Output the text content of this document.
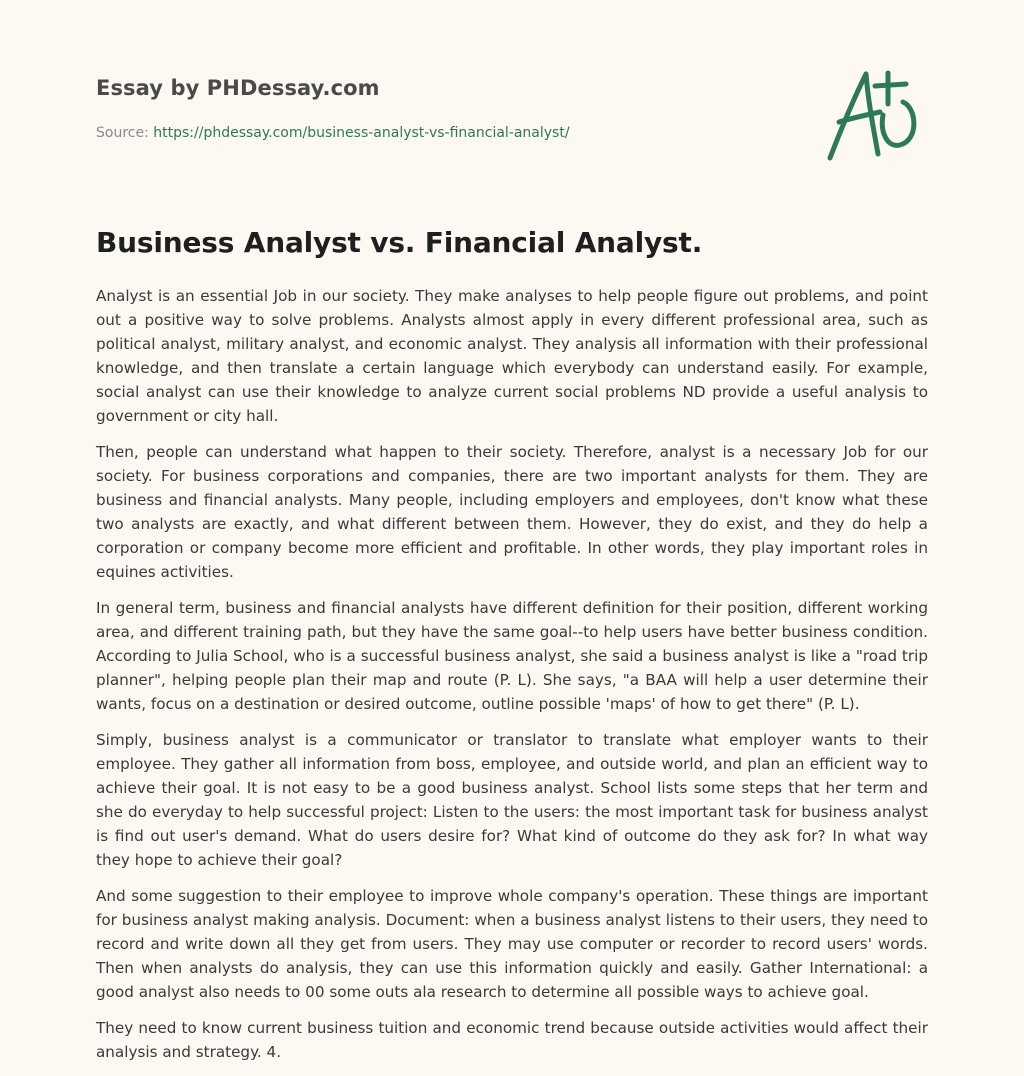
Essay by PHDessay.com
Source: https://phdessay.com/business-analyst-vs-financial-analyst/
Business Analyst vs. Financial Analyst.

Analyst is an essential Job in our society. They make analyses to help people figure out problems, and point out a positive way to solve problems. Analysts almost apply in every different professional area, such as political analyst, military analyst, and economic analyst. They analysis all information with their professional knowledge, and then translate a certain language which everybody can understand easily. For example, social analyst can use their knowledge to analyze current social problems ND provide a useful analysis to government or city hall.

Then, people can understand what happen to their society. Therefore, analyst is a necessary Job for our society. For business corporations and companies, there are two important analysts for them. They are business and financial analysts. Many people, including employers and employees, don't know what these two analysts are exactly, and what different between them. However, they do exist, and they do help a corporation or company become more efficient and profitable. In other words, they play important roles in equines activities.

In general term, business and financial analysts have different definition for their position, different working area, and different training path, but they have the same goal--to help users have better business condition. According to Julia School, who is a successful business analyst, she said a business analyst is like a "road trip planner", helping people plan their map and route (P. L). She says, "a BAA will help a user determine their wants, focus on a destination or desired outcome, outline possible 'maps' of how to get there" (P. L).

Simply, business analyst is a communicator or translator to translate what employer wants to their employee. They gather all information from boss, employee, and outside world, and plan an efficient way to achieve their goal. It is not easy to be a good business analyst. School lists some steps that her term and she do everyday to help successful project: Listen to the users: the most important task for business analyst is find out user's demand. What do users desire for? What kind of outcome do they ask for? In what way they hope to achieve their goal?

And some suggestion to their employee to improve whole company's operation. These things are important for business analyst making analysis. Document: when a business analyst listens to their users, they need to record and write down all they get from users. They may use computer or recorder to record users' words. Then when analysts do analysis, they can use this information quickly and easily. Gather International: a good analyst also needs to 00 some outs ala research to determine all possible ways to achieve goal.

They need to know current business tuition and economic trend because outside activities would affect their analysis and strategy. 4.
